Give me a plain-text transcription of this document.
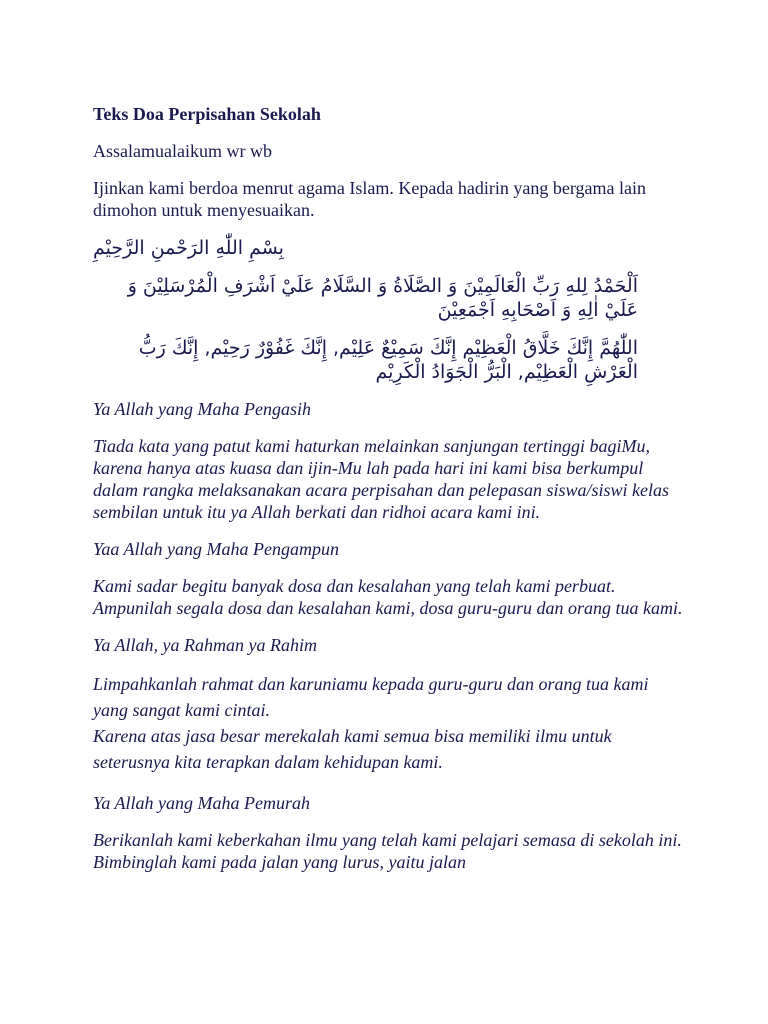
Teks Doa Perpisahan Sekolah
Assalamualaikum wr wb
Ijinkan kami berdoa menrut agama Islam. Kepada hadirin yang bergama lain dimohon untuk menyesuaikan.
بِسْمِ اللّٰهِ الرَحْمنِ الرَّحِيْمِ
اَلْحَمْدُ لِلهِ رَبِّ الْعَالَمِيْنَ وَ الصَّلَاةُ وَ السَّلَامُ عَلَيْ اَشْرَفِ الْمُرْسَلِيْنَ وَ عَلَيْ اٰلِهِ وَ اَصْحَابِهِ اَجْمَعِيْنَ
اللّٰهُمَّ إِنَّكَ خَلَّاقُ الْعَظِيْم إِنَّكَ سَمِيْعٌ عَلِيْم, إِنَّكَ غَفُوْرٌ رَحِيْم, إِنَّكَ رَبُّ الْعَرْشِ الْعَظِيْم, الْبَرُّ الْجَوَادُ الْكَرِيْم
Ya Allah yang Maha Pengasih
Tiada kata yang patut kami haturkan melainkan sanjungan tertinggi bagiMu, karena hanya atas kuasa dan ijin-Mu lah pada hari ini kami bisa berkumpul dalam rangka melaksanakan acara perpisahan dan pelepasan siswa/siswi kelas sembilan untuk itu ya Allah berkati dan ridhoi acara kami ini.
Yaa Allah yang Maha Pengampun
Kami sadar begitu banyak dosa dan kesalahan yang telah kami perbuat. Ampunilah segala dosa dan kesalahan kami, dosa guru-guru dan orang tua kami.
Ya Allah, ya Rahman ya Rahim
Limpahkanlah rahmat dan karuniamu kepada guru-guru dan orang tua kami yang sangat kami cintai.
Karena atas jasa besar merekalah kami semua bisa memiliki ilmu untuk seterusnya kita terapkan dalam kehidupan kami.
Ya Allah yang Maha Pemurah
Berikanlah kami keberkahan ilmu yang telah kami pelajari semasa di sekolah ini. Bimbinglah kami pada jalan yang lurus, yaitu jalan
